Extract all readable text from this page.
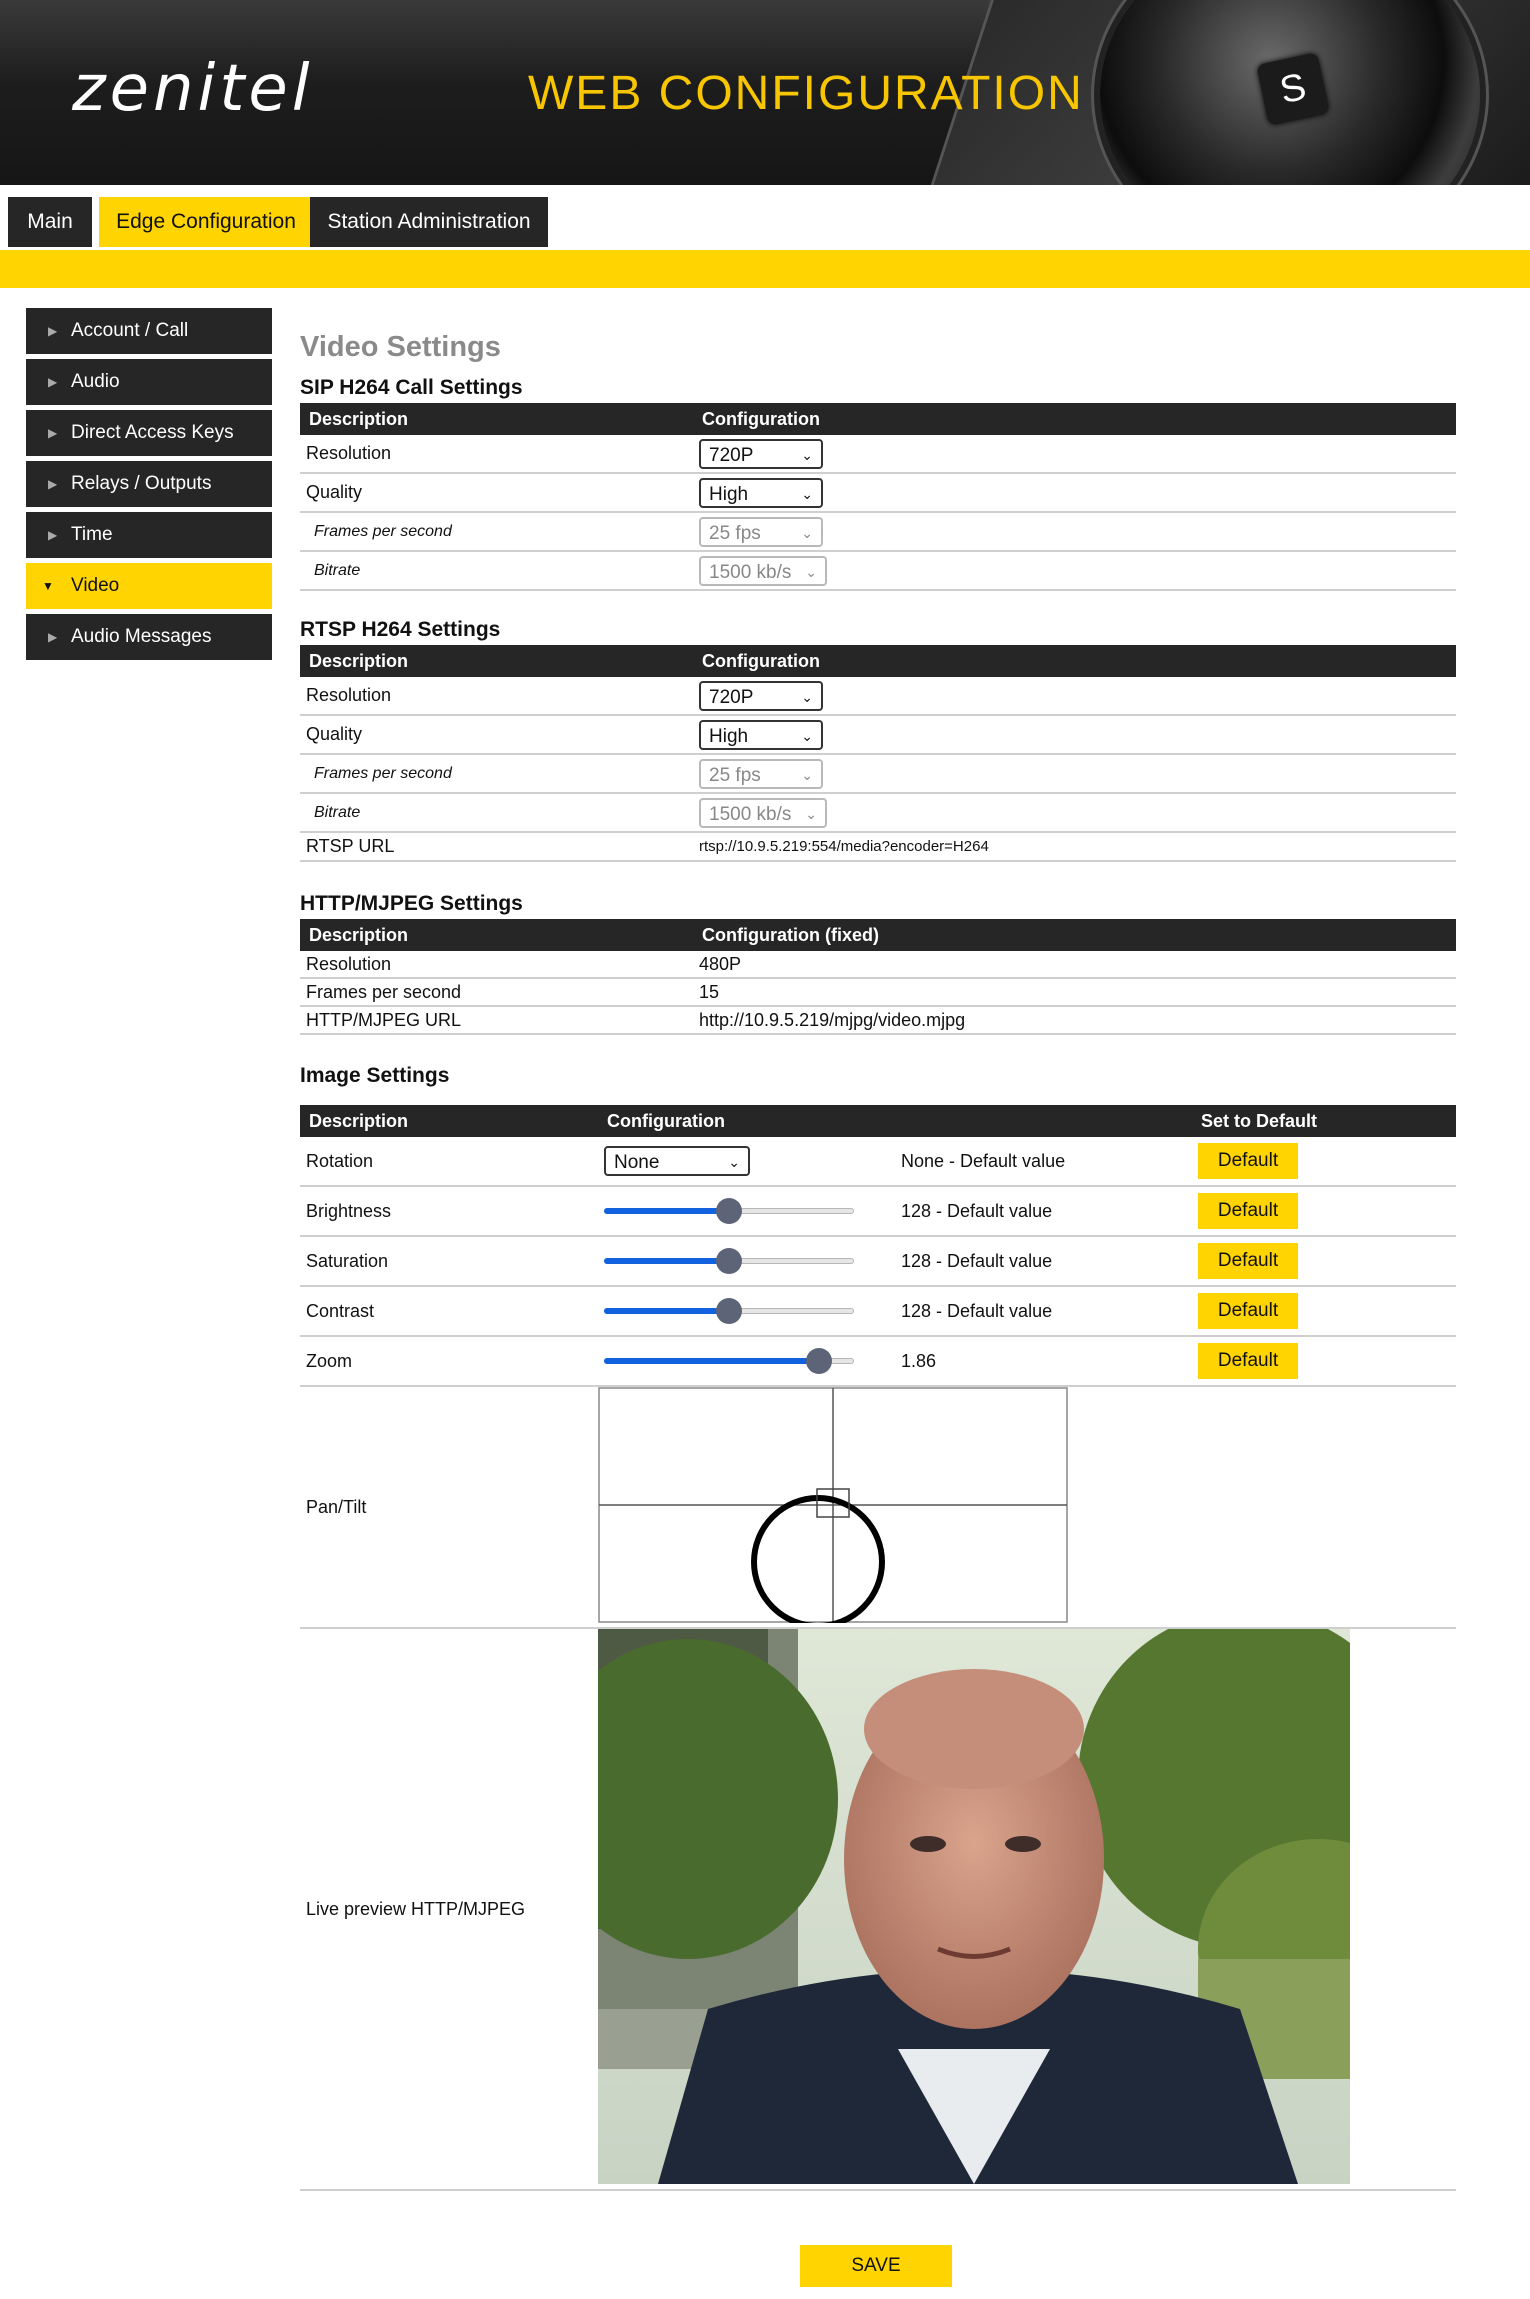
S
zenitel	WEB CONFIGURATION
Main	Edge Configuration	Station Administration
▶ Account / Call
▶ Audio
▶ Direct Access Keys
▶ Relays / Outputs
▶ Time
▼ Video
▶ Audio Messages
Video Settings
SIP H264 Call Settings
Description	Configuration
Resolution	720P ⌄

Quality	High ⌄

Frames per second	25 fps ⌄

Bitrate	1500 kb/s ⌄
RTSP H264 Settings
Description	Configuration
Resolution	720P ⌄

Quality	High ⌄

Frames per second	25 fps ⌄

Bitrate	1500 kb/s ⌄

RTSP URL	rtsp://10.9.5.219:554/media?encoder=H264
HTTP/MJPEG Settings
Description	Configuration (fixed)
Resolution	480P
Frames per second	15
HTTP/MJPEG URL	http://10.9.5.219/mjpg/video.mjpg
Image Settings
Description	Configuration		Set to Default
Rotation	None ⌄	None - Default value	Default
Brightness		128 - Default value	Default
Saturation		128 - Default value	Default
Contrast		128 - Default value	Default
Zoom		1.86	Default
Pan/Tilt	

Live preview HTTP/MJPEG	
SAVE
